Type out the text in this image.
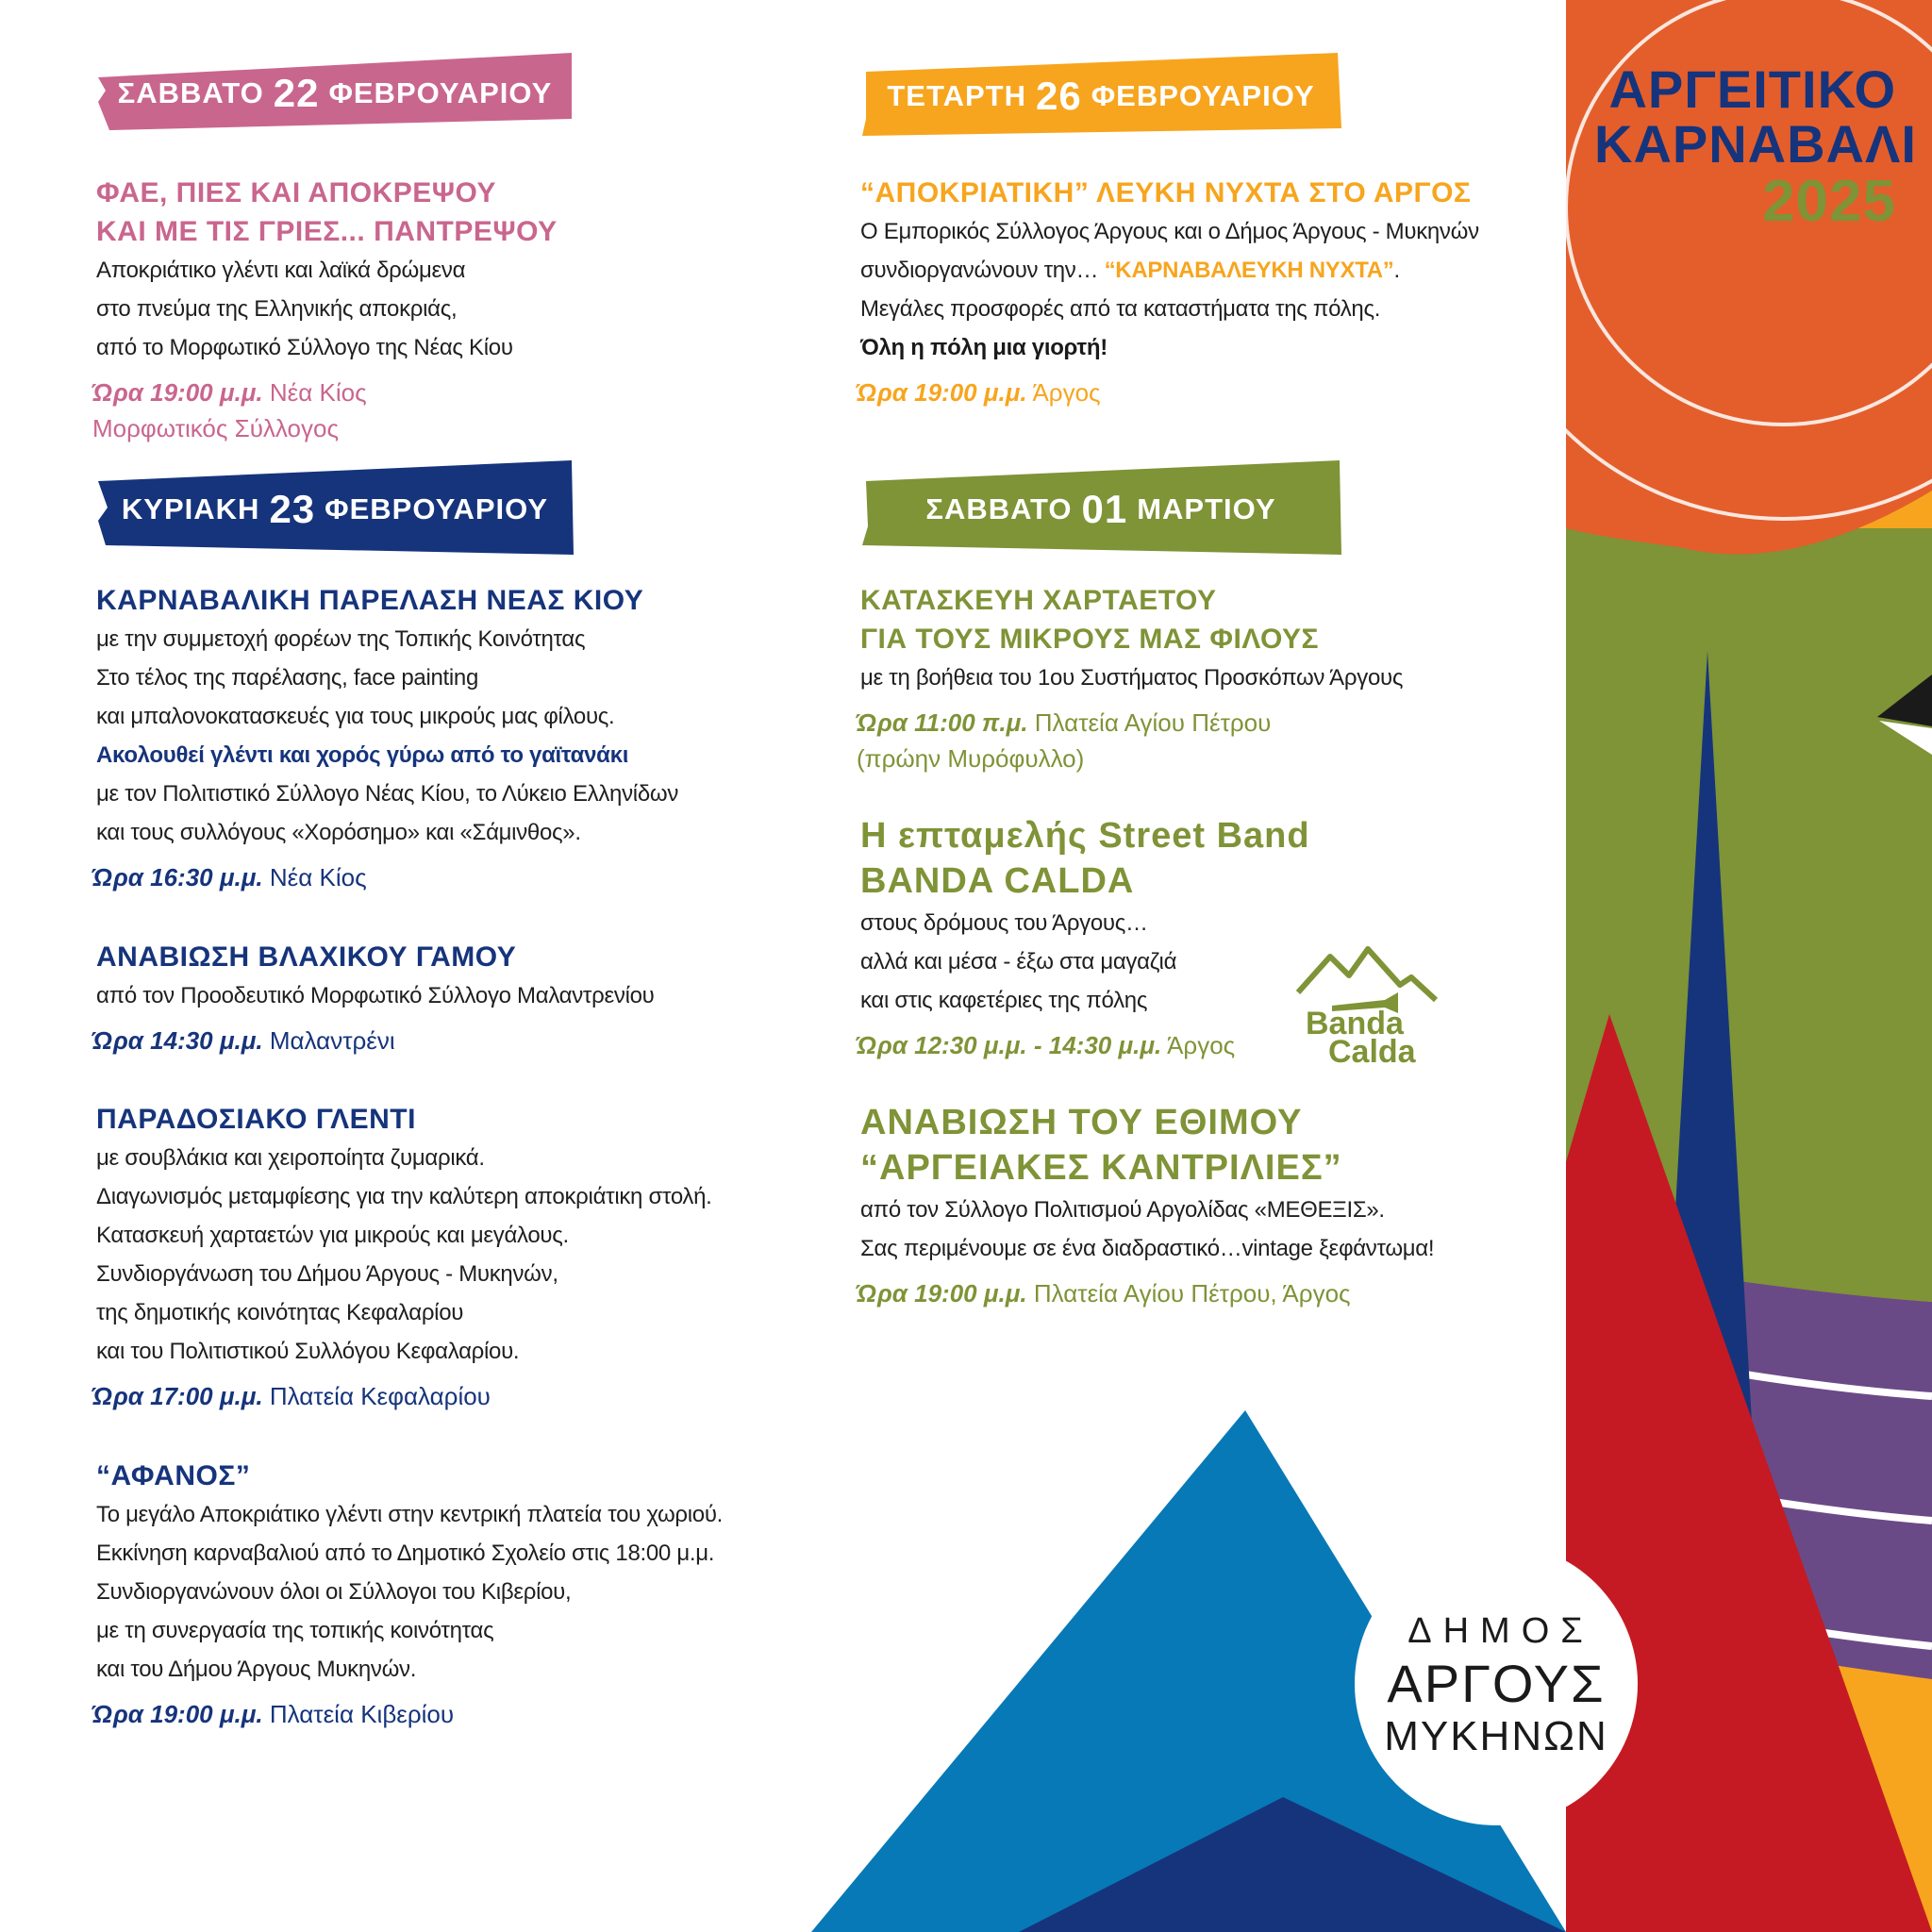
ΑΡΓΕΙΤΙΚΟ
ΚΑΡΝΑΒΑΛΙ
2025
ΔΗΜΟΣ
ΑΡΓΟΥΣ
ΜΥΚΗΝΩΝ
Banda
Calda
ΣΑΒΒΑΤΟ 22 ΦΕΒΡΟΥΑΡΙΟΥ
ΦΑΕ, ΠΙΕΣ ΚΑΙ ΑΠΟΚΡΕΨΟΥ
ΚΑΙ ΜΕ ΤΙΣ ΓΡΙΕΣ... ΠΑΝΤΡΕΨΟΥ
Αποκριάτικο γλέντι και λαϊκά δρώμενα
στο πνεύμα της Ελληνικής αποκριάς,
από το Μορφωτικό Σύλλογο της Νέας Κίου
Ώρα 19:00 μ.μ. Νέα Κίος
Μορφωτικός Σύλλογος
ΚΥΡΙΑΚΗ 23 ΦΕΒΡΟΥΑΡΙΟΥ
ΚΑΡΝΑΒΑΛΙΚΗ ΠΑΡΕΛΑΣΗ ΝΕΑΣ ΚΙΟΥ
με την συμμετοχή φορέων της Τοπικής Κοινότητας
Στο τέλος της παρέλασης, face painting
και μπαλονοκατασκευές για τους μικρούς μας φίλους.
Ακολουθεί γλέντι και χορός γύρω από το γαϊτανάκι
με τον Πολιτιστικό Σύλλογο Νέας Κίου, το Λύκειο Ελληνίδων
και τους συλλόγους «Χορόσημο» και «Σάμινθος».
Ώρα 16:30 μ.μ. Νέα Κίος
ΑΝΑΒΙΩΣΗ ΒΛΑΧΙΚΟΥ ΓΑΜΟΥ
από τον Προοδευτικό Μορφωτικό Σύλλογο Μαλαντρενίου
Ώρα 14:30 μ.μ. Μαλαντρένι
ΠΑΡΑΔΟΣΙΑΚΟ ΓΛΕΝΤΙ
με σουβλάκια και χειροποίητα ζυμαρικά.
Διαγωνισμός μεταμφίεσης για την καλύτερη αποκριάτικη στολή.
Κατασκευή χαρταετών για μικρούς και μεγάλους.
Συνδιοργάνωση του Δήμου Άργους - Μυκηνών,
της δημοτικής κοινότητας Κεφαλαρίου
και του Πολιτιστικού Συλλόγου Κεφαλαρίου.
Ώρα 17:00 μ.μ. Πλατεία Κεφαλαρίου
“ΑΦΑΝΟΣ”
Το μεγάλο Αποκριάτικο γλέντι στην κεντρική πλατεία του χωριού.
Εκκίνηση καρναβαλιού από το Δημοτικό Σχολείο στις 18:00 μ.μ.
Συνδιοργανώνουν όλοι οι Σύλλογοι του Κιβερίου,
με τη συνεργασία της τοπικής κοινότητας
και του Δήμου Άργους Μυκηνών.
Ώρα 19:00 μ.μ. Πλατεία Κιβερίου
ΤΕΤΑΡΤΗ 26 ΦΕΒΡΟΥΑΡΙΟΥ
“ΑΠΟΚΡΙΑΤΙΚΗ” ΛΕΥΚΗ ΝΥΧΤΑ ΣΤΟ ΑΡΓΟΣ
Ο Εμπορικός Σύλλογος Άργους και ο Δήμος Άργους - Μυκηνών
συνδιοργανώνουν την… “ΚΑΡΝΑΒΑΛΕΥΚΗ ΝΥΧΤΑ”.
Μεγάλες προσφορές από τα καταστήματα της πόλης.
Όλη η πόλη μια γιορτή!
Ώρα 19:00 μ.μ. Άργος
ΣΑΒΒΑΤΟ 01 ΜΑΡΤΙΟΥ
ΚΑΤΑΣΚΕΥΗ ΧΑΡΤΑΕΤΟΥ
ΓΙΑ ΤΟΥΣ ΜΙΚΡΟΥΣ ΜΑΣ ΦΙΛΟΥΣ
με τη βοήθεια του 1ου Συστήματος Προσκόπων Άργους
Ώρα 11:00 π.μ. Πλατεία Αγίου Πέτρου
(πρώην Μυρόφυλλο)
Η επταμελής Street Band
BANDA CALDA
στους δρόμους του Άργους…
αλλά και μέσα - έξω στα μαγαζιά
και στις καφετέριες της πόλης
Ώρα 12:30 μ.μ. - 14:30 μ.μ. Άργος
ΑΝΑΒΙΩΣΗ ΤΟΥ ΕΘΙΜΟΥ
“ΑΡΓΕΙΑΚΕΣ ΚΑΝΤΡΙΛΙΕΣ”
από τον Σύλλογο Πολιτισμού Αργολίδας «ΜΕΘΕΞΙΣ».
Σας περιμένουμε σε ένα διαδραστικό…vintage ξεφάντωμα!
Ώρα 19:00 μ.μ. Πλατεία Αγίου Πέτρου, Άργος
